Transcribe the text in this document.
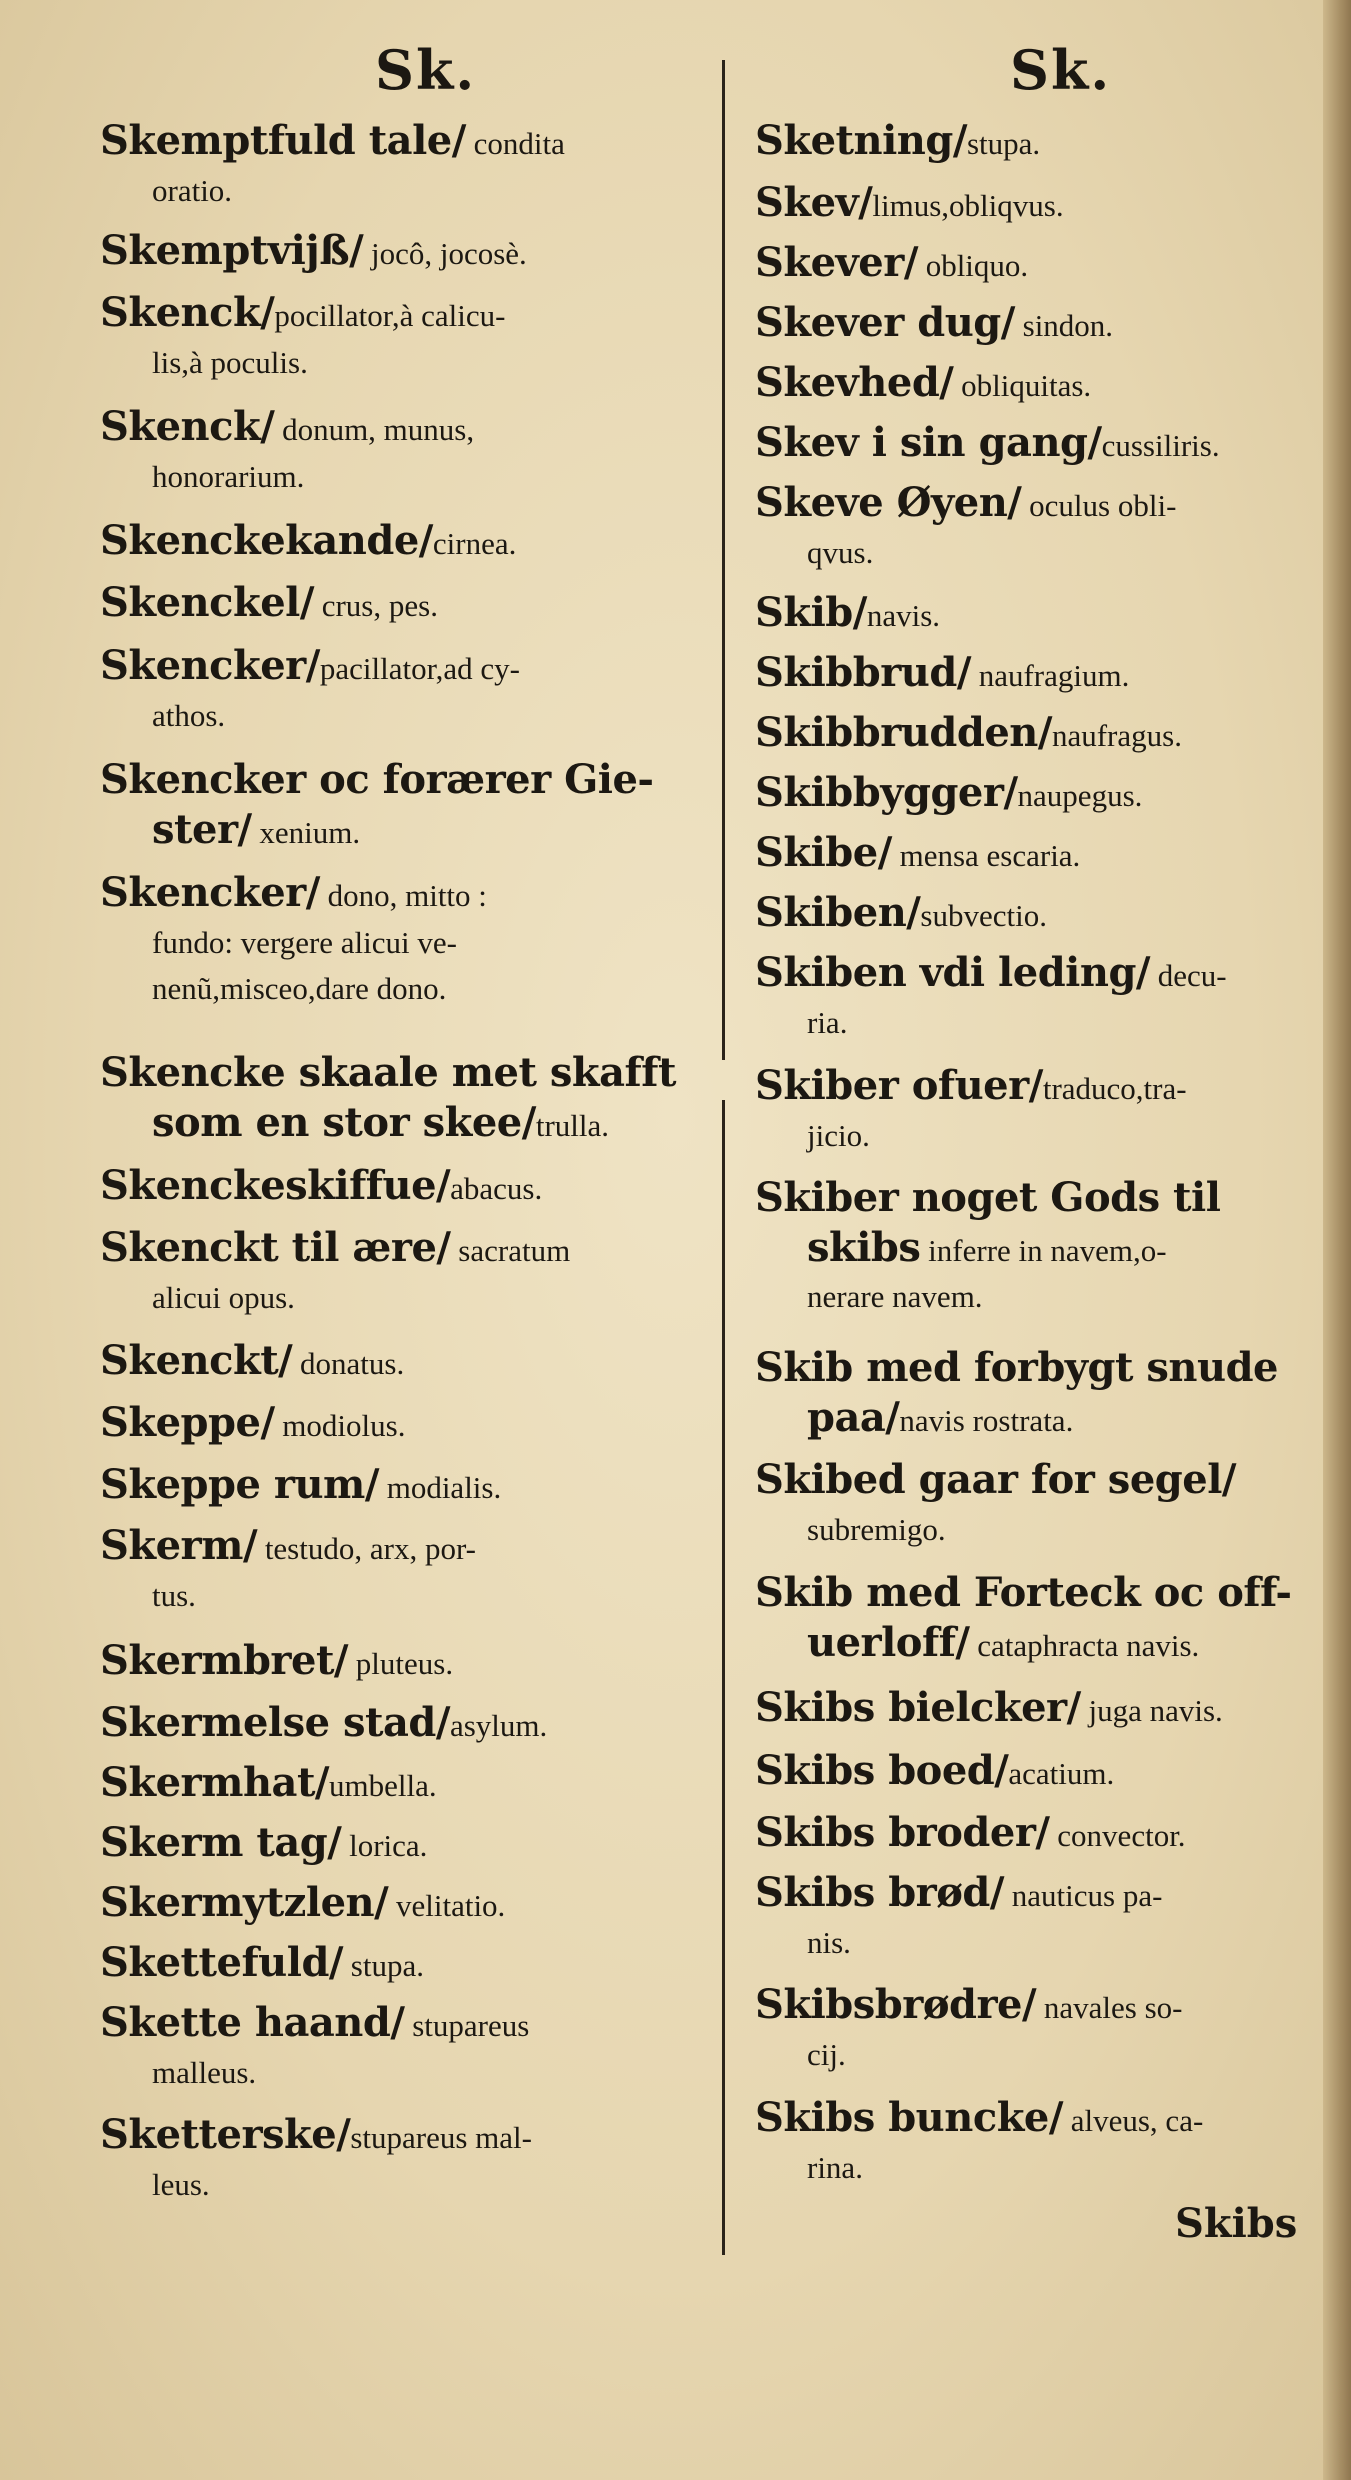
Sk.	Sk.
Skemptfuld tale/ condita
oratio.
Skemptvijß/ jocô, jocosè.
Skenck/pocillator,à calicu-
lis,à poculis.
Skenck/ donum, munus,
honorarium.
Skenckekande/cirnea.
Skenckel/ crus, pes.
Skencker/pacillator,ad cy-
athos.
Skencker oc forærer Gie-
ster/ xenium.
Skencker/ dono, mitto :
fundo: vergere alicui ve-
nenũ,misceo,dare dono.
Skencke skaale met skafft
som en stor skee/trulla.
Skenckeskiffue/abacus.
Skenckt til ære/ sacratum
alicui opus.
Skenckt/ donatus.
Skeppe/ modiolus.
Skeppe rum/ modialis.
Skerm/ testudo, arx, por-
tus.
Skermbret/ pluteus.
Skermelse stad/asylum.
Skermhat/umbella.
Skerm tag/ lorica.
Skermytzlen/ velitatio.
Skettefuld/ stupa.
Skette haand/ stupareus
malleus.
Sketterske/stupareus mal-
leus.
Sketning/stupa.
Skev/limus,obliqvus.
Skever/ obliquo.
Skever dug/ sindon.
Skevhed/ obliquitas.
Skev i sin gang/cussiliris.
Skeve Øyen/ oculus obli-
qvus.
Skib/navis.
Skibbrud/ naufragium.
Skibbrudden/naufragus.
Skibbygger/naupegus.
Skibe/ mensa escaria.
Skiben/subvectio.
Skiben vdi leding/ decu-
ria.
Skiber ofuer/traduco,tra-
jicio.
Skiber noget Gods til
skibs inferre in navem,o-
nerare navem.
Skib med forbygt snude
paa/navis rostrata.
Skibed gaar for segel/
subremigo.
Skib med Forteck oc off-
uerloff/ cataphracta navis.
Skibs bielcker/ juga navis.
Skibs boed/acatium.
Skibs broder/ convector.
Skibs brød/ nauticus pa-
nis.
Skibsbrødre/ navales so-
cij.
Skibs buncke/ alveus, ca-
rina.
Skibs
